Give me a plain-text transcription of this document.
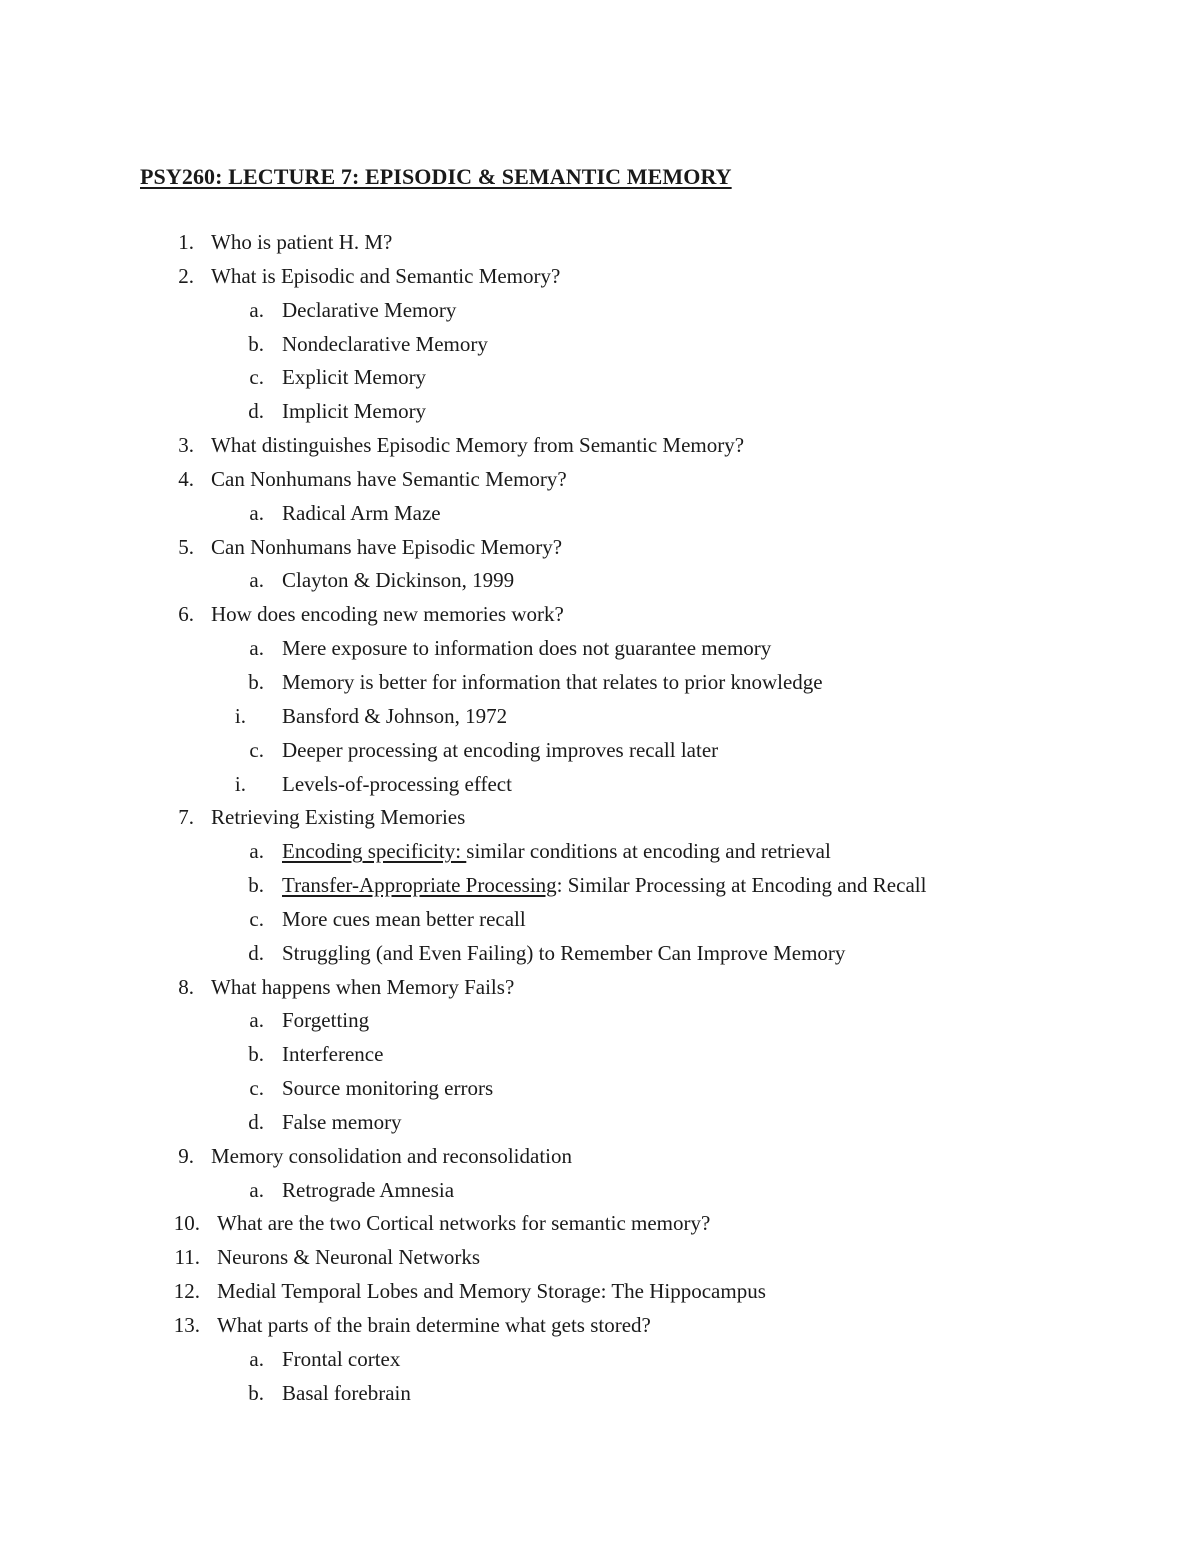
PSY260: LECTURE 7: EPISODIC & SEMANTIC MEMORY
1. Who is patient H. M?
2. What is Episodic and Semantic Memory?
a. Declarative Memory
b. Nondeclarative Memory
c. Explicit Memory
d. Implicit Memory
3. What distinguishes Episodic Memory from Semantic Memory?
4. Can Nonhumans have Semantic Memory?
a. Radical Arm Maze
5. Can Nonhumans have Episodic Memory?
a. Clayton & Dickinson, 1999
6. How does encoding new memories work?
a. Mere exposure to information does not guarantee memory
b. Memory is better for information that relates to prior knowledge
i. Bansford & Johnson, 1972
c. Deeper processing at encoding improves recall later
i. Levels-of-processing effect
7. Retrieving Existing Memories
a. Encoding specificity: similar conditions at encoding and retrieval
b. Transfer-Appropriate Processing: Similar Processing at Encoding and Recall
c. More cues mean better recall
d. Struggling (and Even Failing) to Remember Can Improve Memory
8. What happens when Memory Fails?
a. Forgetting
b. Interference
c. Source monitoring errors
d. False memory
9. Memory consolidation and reconsolidation
a. Retrograde Amnesia
10. What are the two Cortical networks for semantic memory?
11. Neurons & Neuronal Networks
12. Medial Temporal Lobes and Memory Storage: The Hippocampus
13. What parts of the brain determine what gets stored?
a. Frontal cortex
b. Basal forebrain
